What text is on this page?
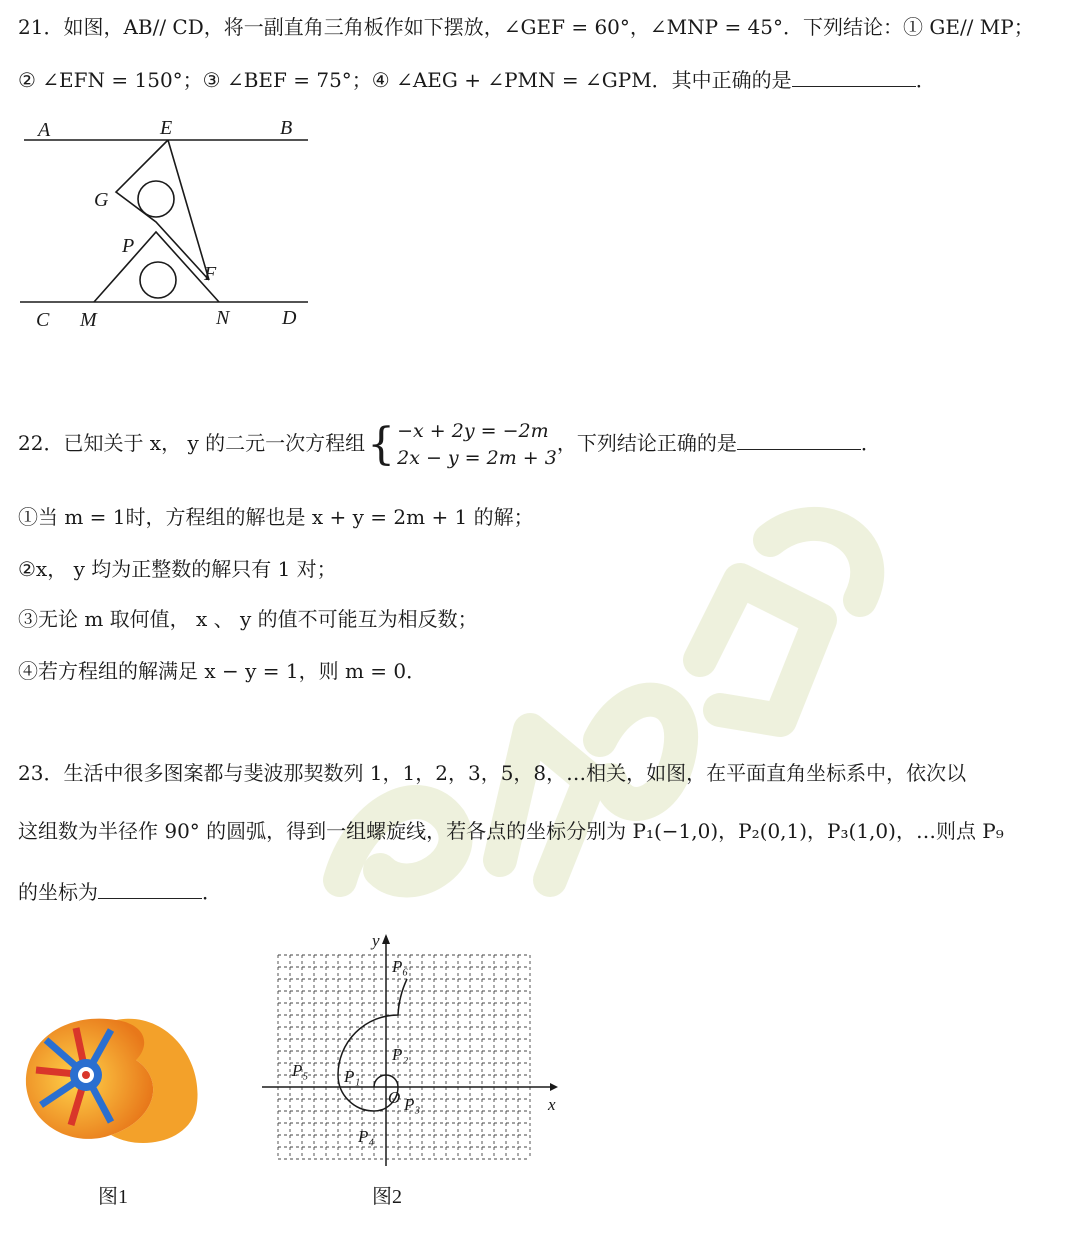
21．如图，AB// CD，将一副直角三角板作如下摆放，∠GEF = 60°，∠MNP = 45°．下列结论：① GE// MP；
② ∠EFN = 150°；③ ∠BEF = 75°；④ ∠AEG + ∠PMN = ∠GPM．其中正确的是	．
A	E	B
G
P
F
C M	N	D
22．已知关于 x， y 的二元一次方程组{ −x + 2y = −2m
2x − y = 2m + 3
，下列结论正确的是	．
①当 m = 1时，方程组的解也是 x + y = 2m + 1 的解；
②x， y 均为正整数的解只有 1 对；
③无论 m 取何值， x 、 y 的值不可能互为相反数；
④若方程组的解满足 x − y = 1，则 m = 0．
23．生活中很多图案都与斐波那契数列 1，1，2，3，5，8，…相关，如图，在平面直角坐标系中，依次以
这组数为半径作 90° 的圆弧，得到一组螺旋线，若各点的坐标分别为 P₁(−1,0)，P₂(0,1)，P₃(1,0)，…则点 P₉
的坐标为	．
图1
O	x
y
P₁
P₂
P₃
P₄
P₅
P₆
图2
